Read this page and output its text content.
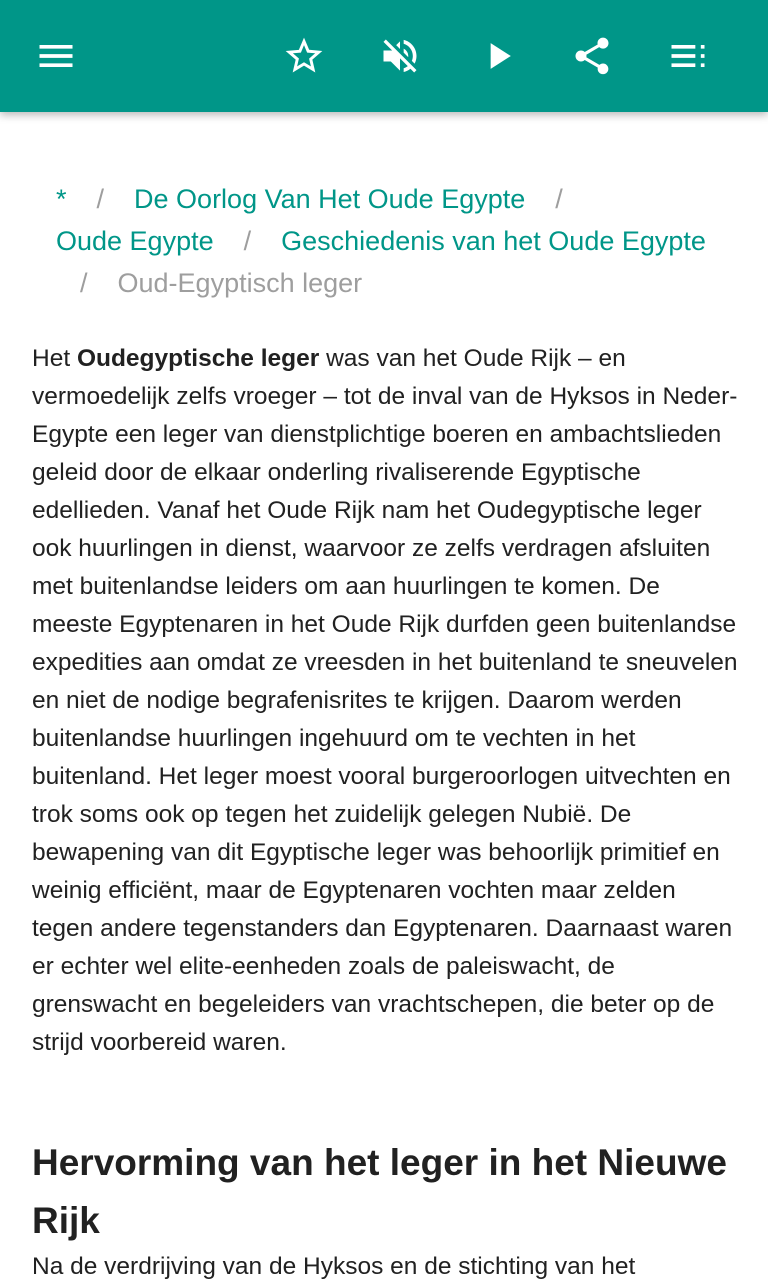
* / De Oorlog Van Het Oude Egypte /
Oude Egypte / Geschiedenis van het Oude Egypte
/ Oud-Egyptisch leger

Het Oudegyptische leger was van het Oude Rijk – en vermoedelijk zelfs vroeger – tot de inval van de Hyksos in Neder-Egypte een leger van dienstplichtige boeren en ambachtslieden geleid door de elkaar onderling rivaliserende Egyptische edellieden. Vanaf het Oude Rijk nam het Oudegyptische leger ook huurlingen in dienst, waarvoor ze zelfs verdragen afsluiten met buitenlandse leiders om aan huurlingen te komen. De meeste Egyptenaren in het Oude Rijk durfden geen buitenlandse expedities aan omdat ze vreesden in het buitenland te sneuvelen en niet de nodige begrafenisrites te krijgen. Daarom werden buitenlandse huurlingen ingehuurd om te vechten in het buitenland. Het leger moest vooral burgeroorlogen uitvechten en trok soms ook op tegen het zuidelijk gelegen Nubië. De bewapening van dit Egyptische leger was behoorlijk primitief en weinig efficiënt, maar de Egyptenaren vochten maar zelden tegen andere tegenstanders dan Egyptenaren. Daarnaast waren er echter wel elite-eenheden zoals de paleiswacht, de grenswacht en begeleiders van vrachtschepen, die beter op de strijd voorbereid waren.

Hervorming van het leger in het Nieuwe Rijk

Na de verdrijving van de Hyksos en de stichting van het
